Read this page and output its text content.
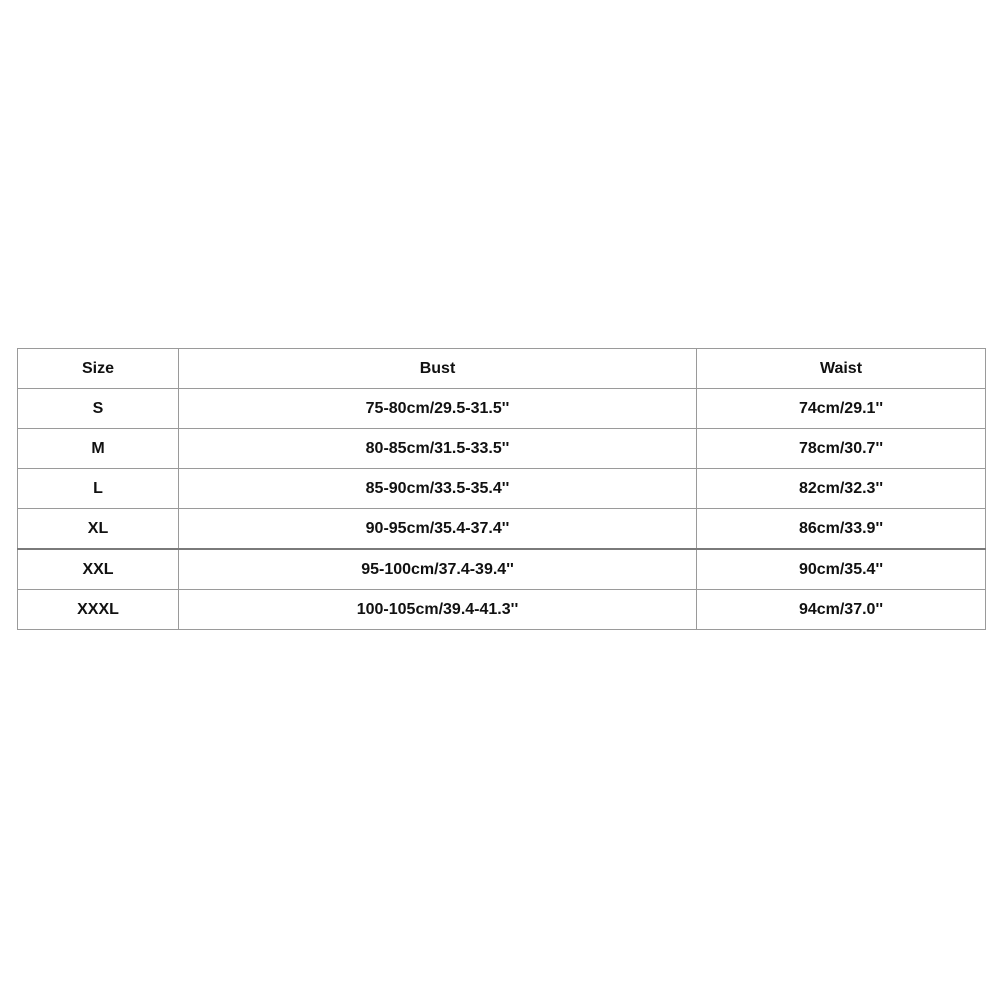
Size	Bust	Waist
S	75-80cm/29.5-31.5''	74cm/29.1''
M	80-85cm/31.5-33.5''	78cm/30.7''
L	85-90cm/33.5-35.4''	82cm/32.3''
XL	90-95cm/35.4-37.4''	86cm/33.9''
XXL	95-100cm/37.4-39.4''	90cm/35.4''
XXXL	100-105cm/39.4-41.3''	94cm/37.0''
